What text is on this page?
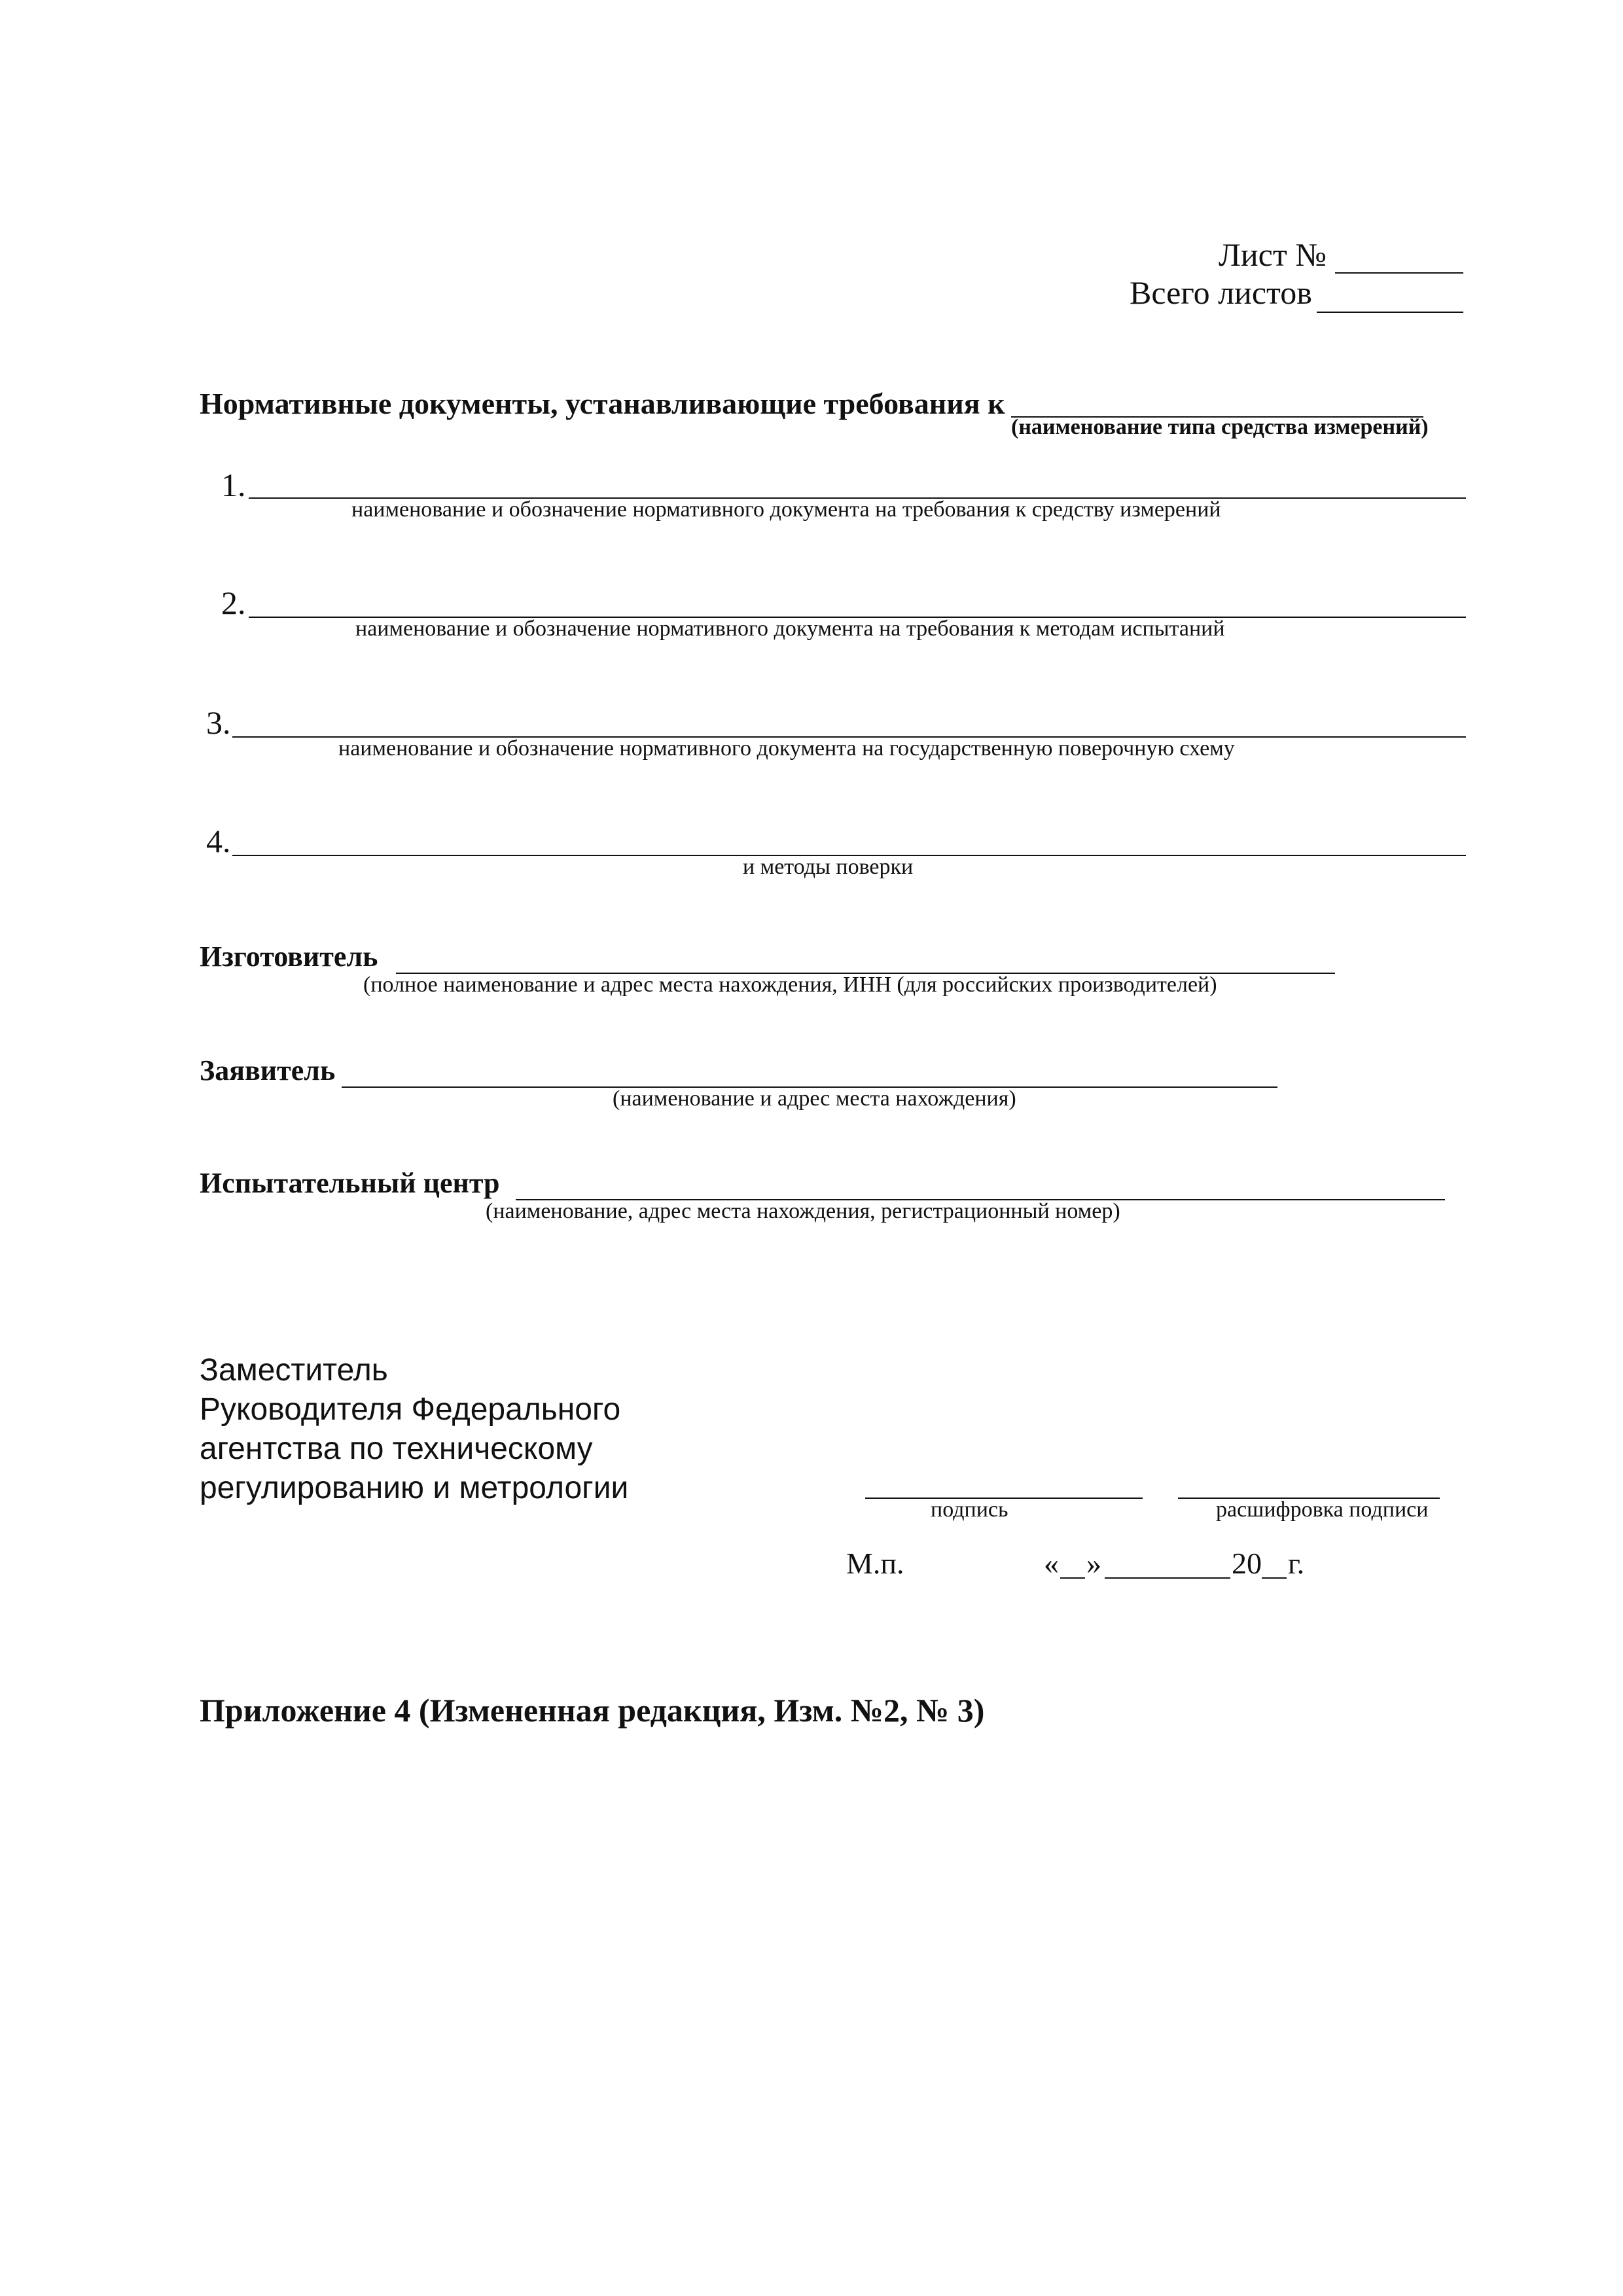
Лист №
Всего листов
Нормативные документы, устанавливающие требования к
(наименование типа средства измерений)
1.
наименование и обозначение нормативного документа на требования к средству измерений
2.
наименование и обозначение нормативного документа на требования к методам испытаний
3.
наименование и обозначение нормативного документа на государственную поверочную схему
4.
и методы поверки
Изготовитель
(полное наименование и адрес места нахождения, ИНН (для российских производителей)
Заявитель
(наименование и адрес места нахождения)
Испытательный центр
(наименование, адрес места нахождения, регистрационный номер)
Заместитель
Руководителя Федерального
агентства по техническому
регулированию и метрологии
подпись	расшифровка подписи
М.п.	« »	20 г.
Приложение 4 (Измененная редакция, Изм. №2, № 3)
